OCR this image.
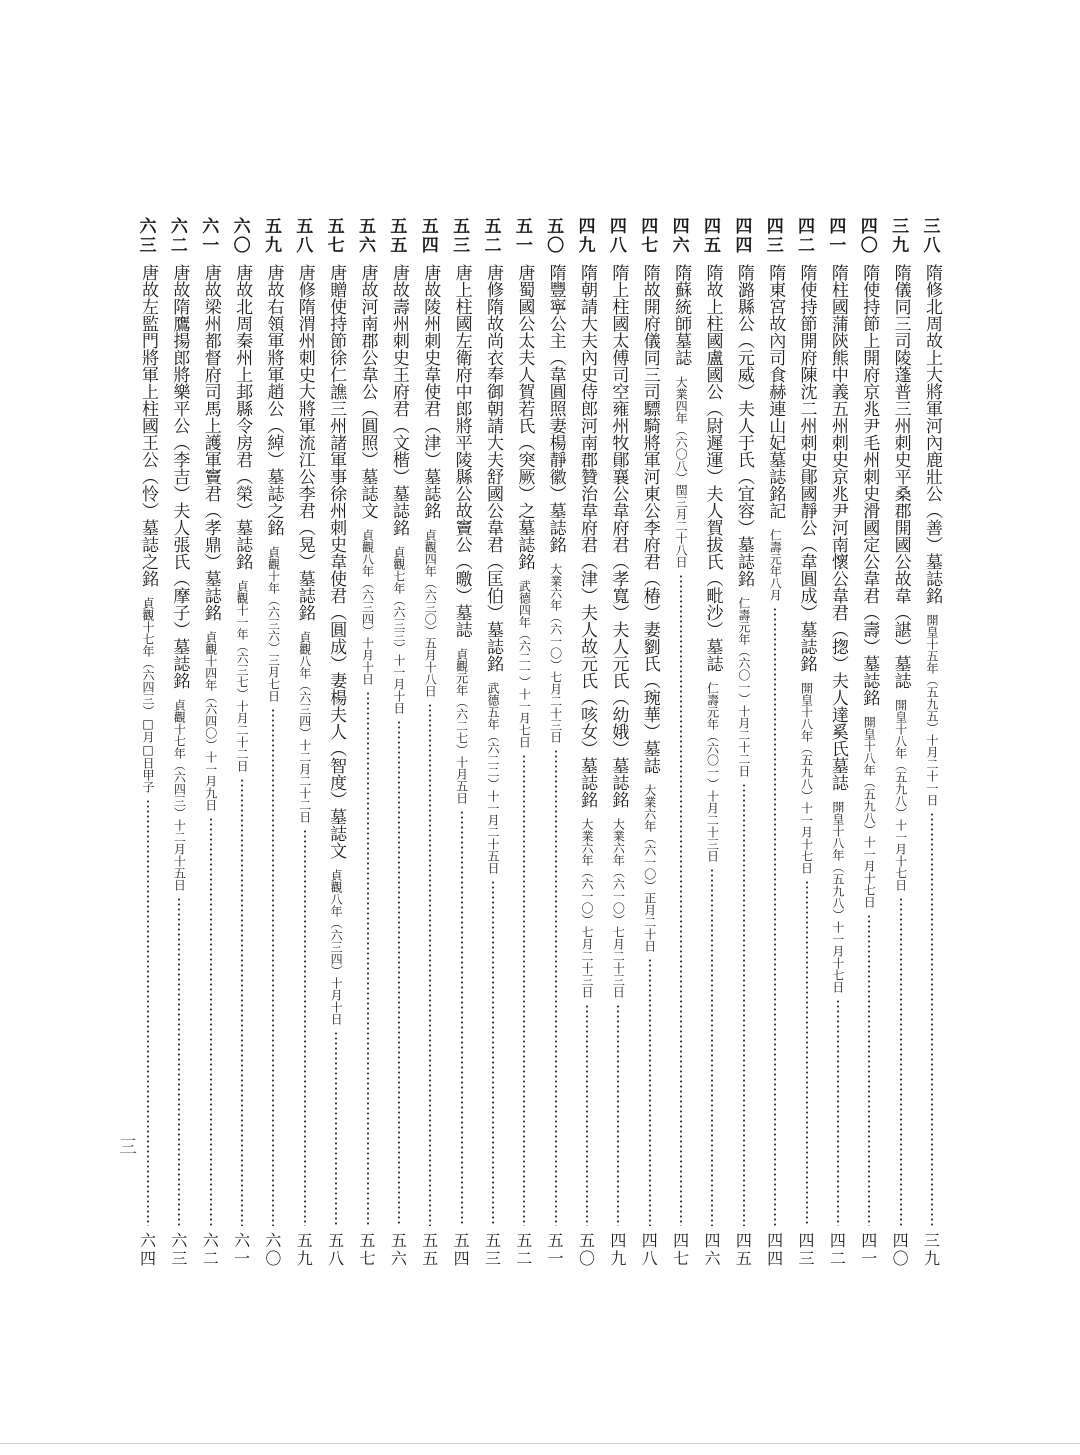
三
八
隋修北周故上大將軍河內鹿壯公（善）墓誌銘開皇十五年（五九五）十月二十一日
三
九
三
九
隋儀同三司陵蓬普三州刺史平桑郡開國公故韋（諶）墓誌開皇十八年（五九八）十一月十七日
四
〇
四
〇
隋使持節上開府京兆尹毛州刺史滑國定公韋君（壽）墓誌銘開皇十八年（五九八）十一月十七日
四
一
四
一
隋柱國蒲陝熊中義五州刺史京兆尹河南懷公韋君（揔）夫人達奚氏墓誌開皇十八年（五九八）十一月十七日
四
二
四
二
隋使持節開府陳沈二州刺史鄖國靜公（韋圓成）墓誌銘開皇十八年（五九八）十一月十七日
四
三
四
三
隋東宮故內司食赫連山妃墓誌銘記仁壽元年八月
四
四
四
四
隋潞縣公（元威）夫人于氏（宜容）墓誌銘仁壽元年（六〇一）十月二十二日
四
五
四
五
隋故上柱國盧國公（尉遲運）夫人賀拔氏（毗沙）墓誌仁壽元年（六〇一）十月二十三日
四
六
四
六
隋蘇統師墓誌大業四年（六〇八）閏三月二十八日
四
七
四
七
隋故開府儀同三司驃騎將軍河東公李府君（椿）妻劉氏（琬華）墓誌大業六年（六一〇）正月二十日
四
八
四
八
隋上柱國太傅司空雍州牧鄖襄公韋府君（孝寬）夫人元氏（幼娥）墓誌銘大業六年（六一〇）七月二十三日
四
九
四
九
隋朝請大夫內史侍郎河南郡贊治韋府君（津）夫人故元氏（咳女）墓誌銘大業六年（六一〇）七月二十三日
五
〇
五
〇
隋豐寧公主（韋圓照妻楊靜徽）墓誌銘大業六年（六一〇）七月二十三日
五
一
五
一
唐蜀國公太夫人賀若氏（突厥）之墓誌銘武德四年（六二一）十一月七日
五
二
五
二
唐修隋故尚衣奉御朝請大夫舒國公韋君（匡伯）墓誌銘武德五年（六二二）十一月二十五日
五
三
五
三
唐上柱國左衛府中郎將平陵縣公故竇公（曒）墓誌貞觀元年（六二七）十月五日
五
四
五
四
唐故陵州刺史韋使君（津）墓誌銘貞觀四年（六三〇）五月十八日
五
五
五
五
唐故壽州刺史王府君（文楷）墓誌銘貞觀七年（六三三）十一月十日
五
六
五
六
唐故河南郡公韋公（圓照）墓誌文貞觀八年（六三四）十月十日
五
七
五
七
唐贈使持節徐仁譙三州諸軍事徐州刺史韋使君（圓成）妻楊夫人（智度）墓誌文貞觀八年（六三四）十月十日
五
八
五
八
唐修隋渭州刺史大將軍流江公李君（晃）墓誌銘貞觀八年（六三四）十二月二十二日
五
九
五
九
唐故右領軍將軍趙公（綽）墓誌之銘貞觀十年（六三六）三月七日
六
〇
六
〇
唐故北周秦州上邽縣令房君（榮）墓誌銘貞觀十一年（六三七）十月二十二日
六
一
六
一
唐故梁州都督府司馬上護軍竇君（孝鼎）墓誌銘貞觀十四年（六四〇）十一月九日
六
二
六
二
唐故隋鷹揚郎將樂平公（李吉）夫人張氏（摩子）墓誌銘貞觀十七年（六四三）十二月十五日
六
三
六
三
唐故左監門將軍上柱國王公（怜）墓誌之銘貞觀十七年（六四三）□月□日甲子
六
四
三
